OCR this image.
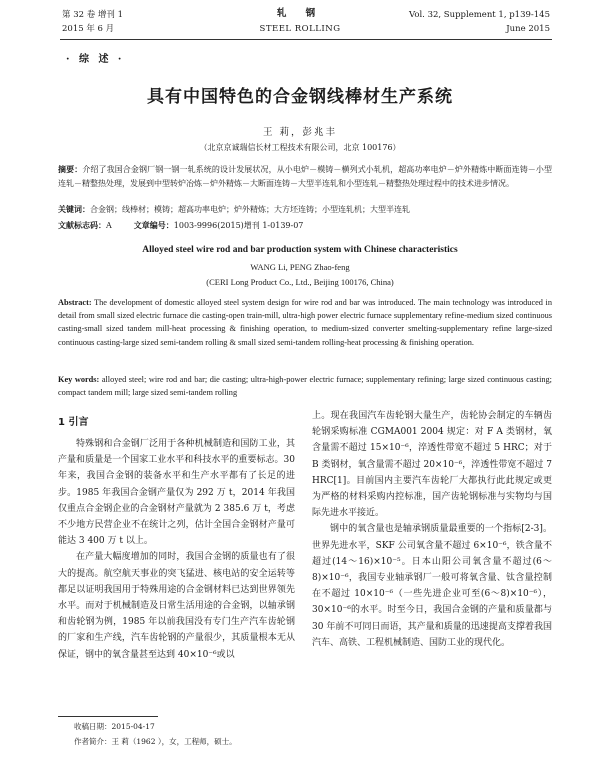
第 32 卷 增刊 1
2015 年 6 月
轧 钢
STEEL ROLLING
Vol. 32, Supplement 1, p139-145
June 2015
· 综 述 ·
具有中国特色的合金钢线棒材生产系统
王 莉，彭兆丰
（北京京诚瑞信长材工程技术有限公司，北京 100176）
摘要：介绍了我国合金钢厂钢一钢一轧系统的设计发展状况，从小电炉－模铸－横列式小轧机，超高功率电炉－炉外精炼中断面连铸－小型连轧－精整热处理，发展到中型转炉冶炼－炉外精炼－大断面连铸－大型半连轧和小型连轧－精整热处理过程中的技术进步情况。
关键词：合金钢；线棒材；模铸；超高功率电炉；炉外精炼；大方坯连铸；小型连轧机；大型半连轧
文献标志码：A	文章编号：1003-9996(2015)增刊 1-0139-07
Alloyed steel wire rod and bar production system with Chinese characteristics
WANG Li, PENG Zhao-feng
(CERI Long Product Co., Ltd., Beijing 100176, China)
Abstract: The development of domestic alloyed steel system design for wire rod and bar was introduced. The main technology was introduced in detail from small sized electric furnace die casting-open train-mill, ultra-high power electric furnace supplementary refine-medium sized continuous casting-small sized tandem mill-heat processing & finishing operation, to medium-sized converter smelting-supplementary refine large-sized continuous casting-large sized semi-tandem rolling & small sized semi-tandem rolling-heat processing & finishing operation.
Key words: alloyed steel; wire rod and bar; die casting; ultra-high-power electric furnace; supplementary refining; large sized continuous casting; compact tandem mill; large sized semi-tandem rolling

1 引言

特殊钢和合金钢厂泛用于各种机械制造和国防工业，其产量和质量是一个国家工业水平和科技水平的重要标志。30 年来，我国合金钢的装备水平和生产水平都有了长足的进步。1985 年我国合金钢产量仅为 292 万 t，2014 年我国仅重点合金钢企业的合金钢材产量就为 2 385.6 万 t，考虑不少地方民营企业不在统计之列，估计全国合金钢材产量可能达 3 400 万 t 以上。

在产量大幅度增加的同时，我国合金钢的质量也有了很大的提高。航空航天事业的突飞猛进、核电站的安全运转等都足以证明我国用于特殊用途的合金钢材料已达到世界领先水平。而对于机械制造及日常生活用途的合金钢，以轴承钢和齿轮钢为例，1985 年以前我国没有专门生产汽车齿轮钢的厂家和生产线，汽车齿轮钢的产量很少，其质量根本无从保证，钢中的氧含量甚至达到 40×10⁻⁶或以

上。现在我国汽车齿轮钢大量生产，齿轮协会制定的车辆齿轮钢采购标准 CGMA001 2004 规定：对 F A 类钢材，氧含量需不超过 15×10⁻⁶，淬透性带宽不超过 5 HRC；对于 B 类钢材，氧含量需不超过 20×10⁻⁶，淬透性带宽不超过 7 HRC[1]。目前国内主要汽车齿轮厂大都执行此此规定或更为严格的材料采购内控标准，国产齿轮钢标准与实物均与国际先进水平接近。

钢中的氧含量也是轴承钢质量最重要的一个指标[2-3]。世界先进水平，SKF 公司氧含量不超过 6×10⁻⁶，铁含量不超过(14～16)×10⁻⁵。日本山阳公司氧含量不超过(6～8)×10⁻⁶，我国专业轴承钢厂一般可将氧含量、钛含量控制在不超过 10×10⁻⁶（一些先进企业可至(6～8)×10⁻⁶），30×10⁻⁶的水平。时至今日，我国合金钢的产量和质量都与 30 年前不可同日而语，其产量和质量的迅速提高支撑着我国汽车、高铁、工程机械制造、国防工业的现代化。

收稿日期：2015-04-17
作者简介：王 莉（1962 ），女，工程师，硕士。
